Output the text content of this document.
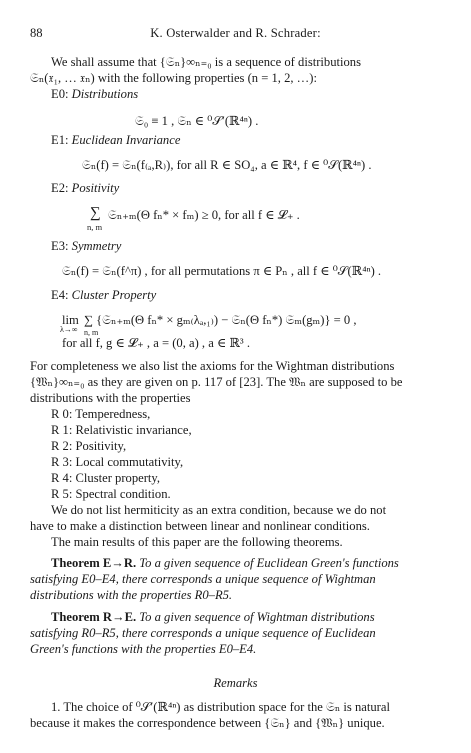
88	K. Osterwalder and R. Schrader:
We shall assume that {𝔖ₙ}∞ₙ₌₀ is a sequence of distributions
𝔖ₙ(𝔵₁, … 𝔵ₙ) with the following properties (n = 1, 2, …):
E0: Distributions
𝔖₀ ≡ 1 , 𝔖ₙ ∈ ⁰𝒮′(ℝ⁴ⁿ) .
E1: Euclidean Invariance
𝔖ₙ(f) = 𝔖ₙ(f₍ₐ,R₎), for all R ∈ SO₄, a ∈ ℝ⁴, f ∈ ⁰𝒮(ℝ⁴ⁿ) .
E2: Positivity
∑
n, m
𝔖ₙ₊ₘ(Θ fₙ* × fₘ) ≥ 0, for all f ∈ 𝓛₊ .
E3: Symmetry
𝔖ₙ(f) = 𝔖ₙ(f^π) , for all permutations π ∈ Pₙ , all f ∈ ⁰𝒮(ℝ⁴ⁿ) .
E4: Cluster Property
lim
λ→∞ n, m
∑ {𝔖ₙ₊ₘ(Θ fₙ* × gₘ₍λₐ,₁₎) − 𝔖ₙ(Θ fₙ*) 𝔖ₘ(gₘ)} = 0 ,
for all f, g ∈ 𝓛₊ , a = (0, a) , a ∈ ℝ³ .
For completeness we also list the axioms for the Wightman distributions
{𝔚ₙ}∞ₙ₌₀ as they are given on p. 117 of [23]. The 𝔚ₙ are supposed to be
distributions with the properties
R 0: Temperedness,
R 1: Relativistic invariance,
R 2: Positivity,
R 3: Local commutativity,
R 4: Cluster property,
R 5: Spectral condition.
We do not list hermiticity as an extra condition, because we do not
have to make a distinction between linear and nonlinear conditions.
The main results of this paper are the following theorems.
Theorem E→R. To a given sequence of Euclidean Green's functions
satisfying E0–E4, there corresponds a unique sequence of Wightman
distributions with the properties R0–R5.
Theorem R→E. To a given sequence of Wightman distributions
satisfying R0–R5, there corresponds a unique sequence of Euclidean
Green's functions with the properties E0–E4.
Remarks
1. The choice of ⁰𝒮′(ℝ⁴ⁿ) as distribution space for the 𝔖ₙ is natural
because it makes the correspondence between {𝔖ₙ} and {𝔚ₙ} unique.
